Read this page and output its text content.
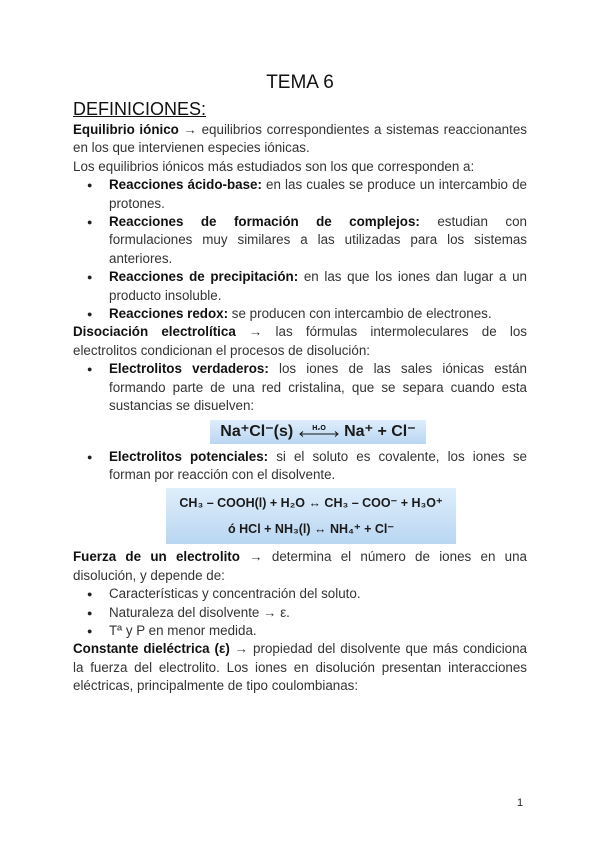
TEMA 6
DEFINICIONES:

Equilibrio iónico → equilibrios correspondientes a sistemas reaccionantes en los que intervienen especies iónicas.

Los equilibrios iónicos más estudiados son los que corresponden a:

● Reacciones ácido-base: en las cuales se produce un intercambio de protones.
● Reacciones de formación de complejos: estudian con formulaciones muy similares a las utilizadas para los sistemas anteriores.
● Reacciones de precipitación: en las que los iones dan lugar a un producto insoluble.
● Reacciones redox: se producen con intercambio de electrones.

Disociación electrolítica → las fórmulas intermoleculares de los electrolitos condicionan el procesos de disolución:

● Electrolitos verdaderos: los iones de las sales iónicas están formando parte de una red cristalina, que se separa cuando esta sustancias se disuelven:
Na⁺Cl⁻(s)	H₂O Na⁺ + Cl⁻
● Electrolitos potenciales: si el soluto es covalente, los iones se forman por reacción con el disolvente.
CH₃ – COOH(l) + H₂O ↔ CH₃ – COO⁻ + H₃O⁺
ó HCl + NH₃(l) ↔ NH₄⁺ + Cl⁻

Fuerza de un electrolito → determina el número de iones en una disolución, y depende de:

● Características y concentración del soluto.
● Naturaleza del disolvente → ε.
● Tª y P en menor medida.

Constante dieléctrica (ε) → propiedad del disolvente que más condiciona la fuerza del electrolito. Los iones en disolución presentan interacciones eléctricas, principalmente de tipo coulombianas:

1
